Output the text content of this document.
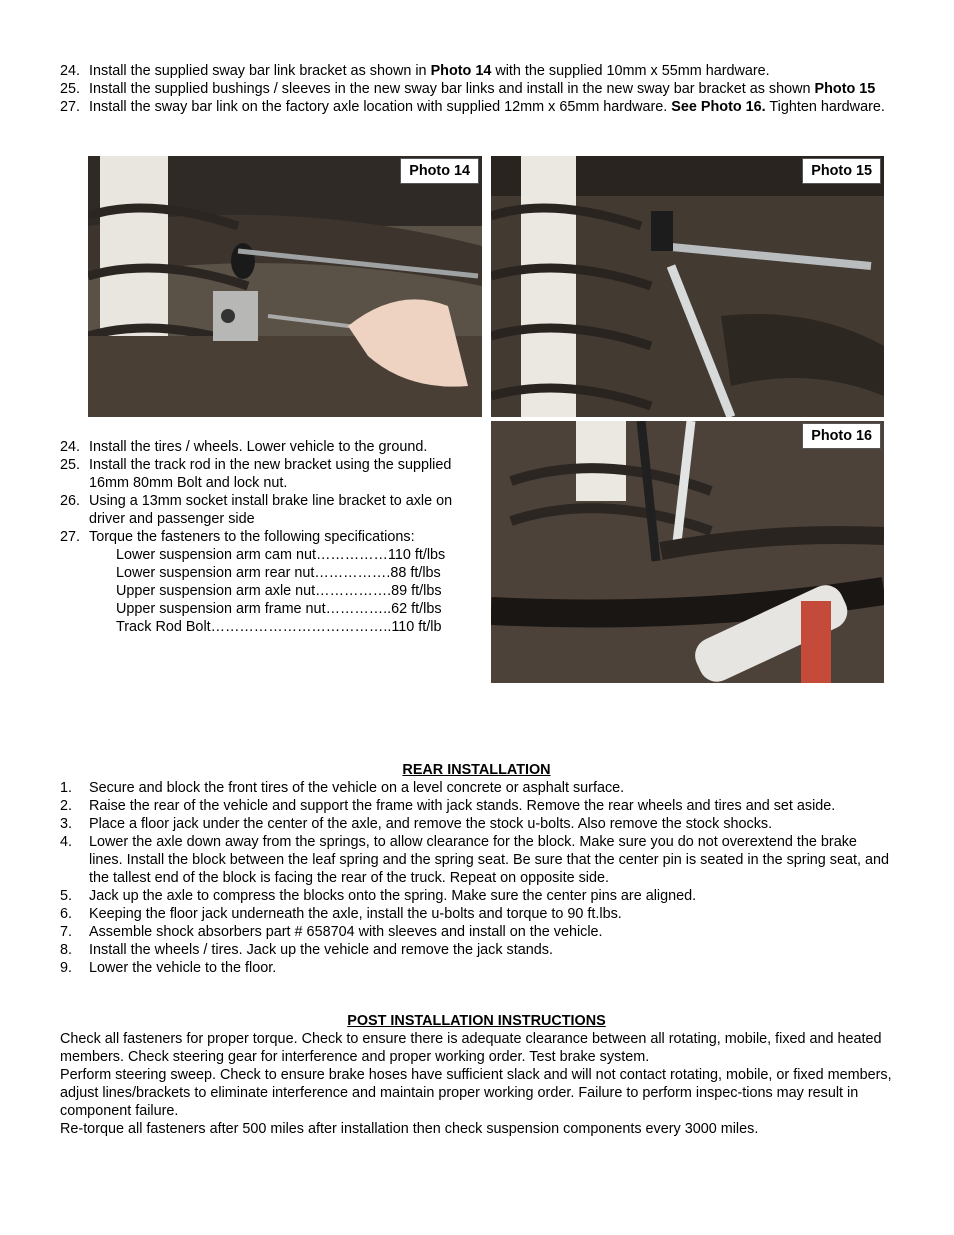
24. Install the supplied sway bar link bracket as shown in Photo 14 with the supplied 10mm x 55mm hardware.
25. Install the supplied bushings / sleeves in the new sway bar links and install in the new sway bar bracket as shown Photo 15
27. Install the sway bar link on the factory axle location with supplied 12mm x 65mm hardware. See Photo 16. Tighten hardware.
Photo 14	Photo 15
Photo 16
24. Install the tires / wheels. Lower vehicle to the ground.
25. Install the track rod in the new bracket using the supplied 16mm 80mm Bolt and lock nut.
26. Using a 13mm socket install brake line bracket to axle on driver and passenger side
27. Torque the fasteners to the following specifications:
Lower suspension arm cam nut……………110 ft/lbs
Lower suspension arm rear nut…………….88 ft/lbs
Upper suspension arm axle nut…………….89 ft/lbs
Upper suspension arm frame nut…………..62 ft/lbs
Track Rod Bolt………………………………..110 ft/lb
REAR INSTALLATION
1. Secure and block the front tires of the vehicle on a level concrete or asphalt surface.
2. Raise the rear of the vehicle and support the frame with jack stands. Remove the rear wheels and tires and set aside.
3. Place a floor jack under the center of the axle, and remove the stock u-bolts. Also remove the stock shocks.
4. Lower the axle down away from the springs, to allow clearance for the block. Make sure you do not overextend the brake lines. Install the block between the leaf spring and the spring seat. Be sure that the center pin is seated in the spring seat, and the tallest end of the block is facing the rear of the truck. Repeat on opposite side.
5. Jack up the axle to compress the blocks onto the spring. Make sure the center pins are aligned.
6. Keeping the floor jack underneath the axle, install the u-bolts and torque to 90 ft.lbs.
7. Assemble shock absorbers part # 658704 with sleeves and install on the vehicle.
8. Install the wheels / tires. Jack up the vehicle and remove the jack stands.
9. Lower the vehicle to the floor.
POST INSTALLATION INSTRUCTIONS

Check all fasteners for proper torque. Check to ensure there is adequate clearance between all rotating, mobile, fixed and heated members. Check steering gear for interference and proper working order. Test brake system.

Perform steering sweep. Check to ensure brake hoses have sufficient slack and will not contact rotating, mobile, or fixed members, adjust lines/brackets to eliminate interference and maintain proper working order. Failure to perform inspec-tions may result in component failure.

Re-torque all fasteners after 500 miles after installation then check suspension components every 3000 miles.
